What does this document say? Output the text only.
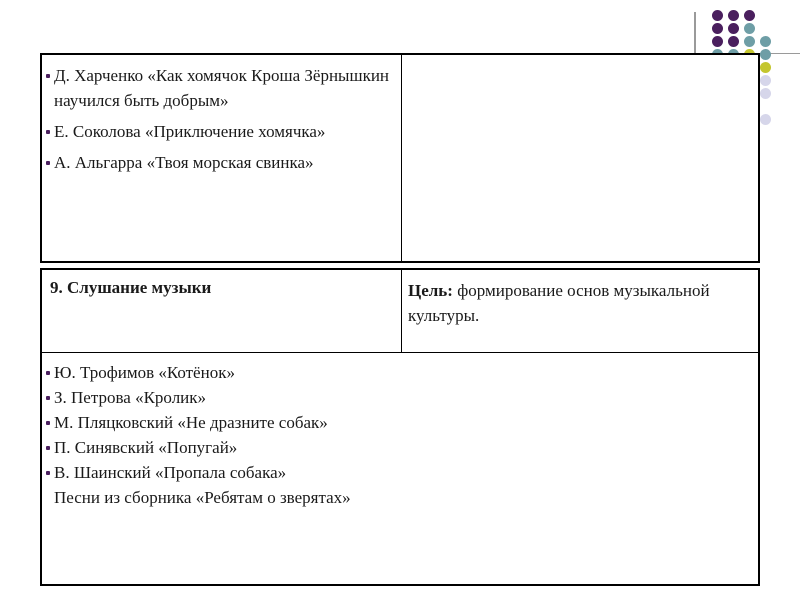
Д. Харченко «Как хомячок Кроша Зёрнышкин научился быть добрым»
Е. Соколова «Приключение хомячка»
А. Альгарра «Твоя морская свинка»
9. Слушание музыки	Цель: формирование основ музыкальной культуры.
Ю. Трофимов «Котёнок»
З. Петрова «Кролик»
М. Пляцковский «Не дразните собак»
П. Синявский «Попугай»
В. Шаинский «Пропала собака»
Песни из сборника «Ребятам о зверятах»
